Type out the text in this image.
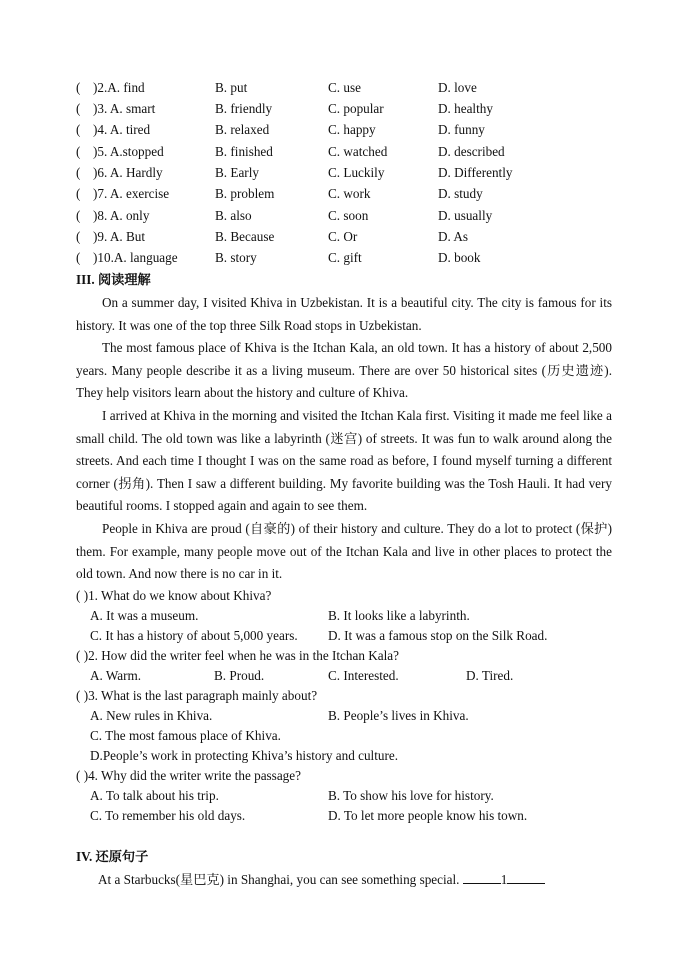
( )2.A. find	B. put	C. use	D. love
( )3. A. smart	B. friendly	C. popular	D. healthy
( )4. A. tired	B. relaxed	C. happy	D. funny
( )5. A.stopped	B. finished	C. watched	D. described
( )6. A. Hardly	B. Early	C. Luckily	D. Differently
( )7. A. exercise	B. problem	C. work	D. study
( )8. A. only	B. also	C. soon	D. usually
( )9. A. But	B. Because	C. Or	D. As
( )10.A. language	B. story	C. gift	D. book
III. 阅读理解

On a summer day, I visited Khiva in Uzbekistan. It is a beautiful city. The city is famous for its history. It was one of the top three Silk Road stops in Uzbekistan.

The most famous place of Khiva is the Itchan Kala, an old town. It has a history of about 2,500 years. Many people describe it as a living museum. There are over 50 historical sites (历史遗迹). They help visitors learn about the history and culture of Khiva.

I arrived at Khiva in the morning and visited the Itchan Kala first. Visiting it made me feel like a small child. The old town was like a labyrinth (迷宫) of streets. It was fun to walk around along the streets. And each time I thought I was on the same road as before, I found myself turning a different corner (拐角). Then I saw a different building. My favorite building was the Tosh Hauli. It had very beautiful rooms. I stopped again and again to see them.

People in Khiva are proud (自豪的) of their history and culture. They do a lot to protect (保护) them. For example, many people move out of the Itchan Kala and live in other places to protect the old town. And now there is no car in it.

( )1. What do we know about Khiva?
A. It was a museum.	B. It looks like a labyrinth.
C. It has a history of about 5,000 years. D. It was a famous stop on the Silk Road.
( )2. How did the writer feel when he was in the Itchan Kala?
A. Warm.	B. Proud.	C. Interested.	D. Tired.
( )3. What is the last paragraph mainly about?
A. New rules in Khiva.	B. People’s lives in Khiva.
C. The most famous place of Khiva.
D.People’s work in protecting Khiva’s history and culture.
( )4. Why did the writer write the passage?
A. To talk about his trip.	B. To show his love for history.
C. To remember his old days.	D. To let more people know his town.
IV. 还原句子
At a Starbucks(星巴克) in Shanghai, you can see something special.	1
